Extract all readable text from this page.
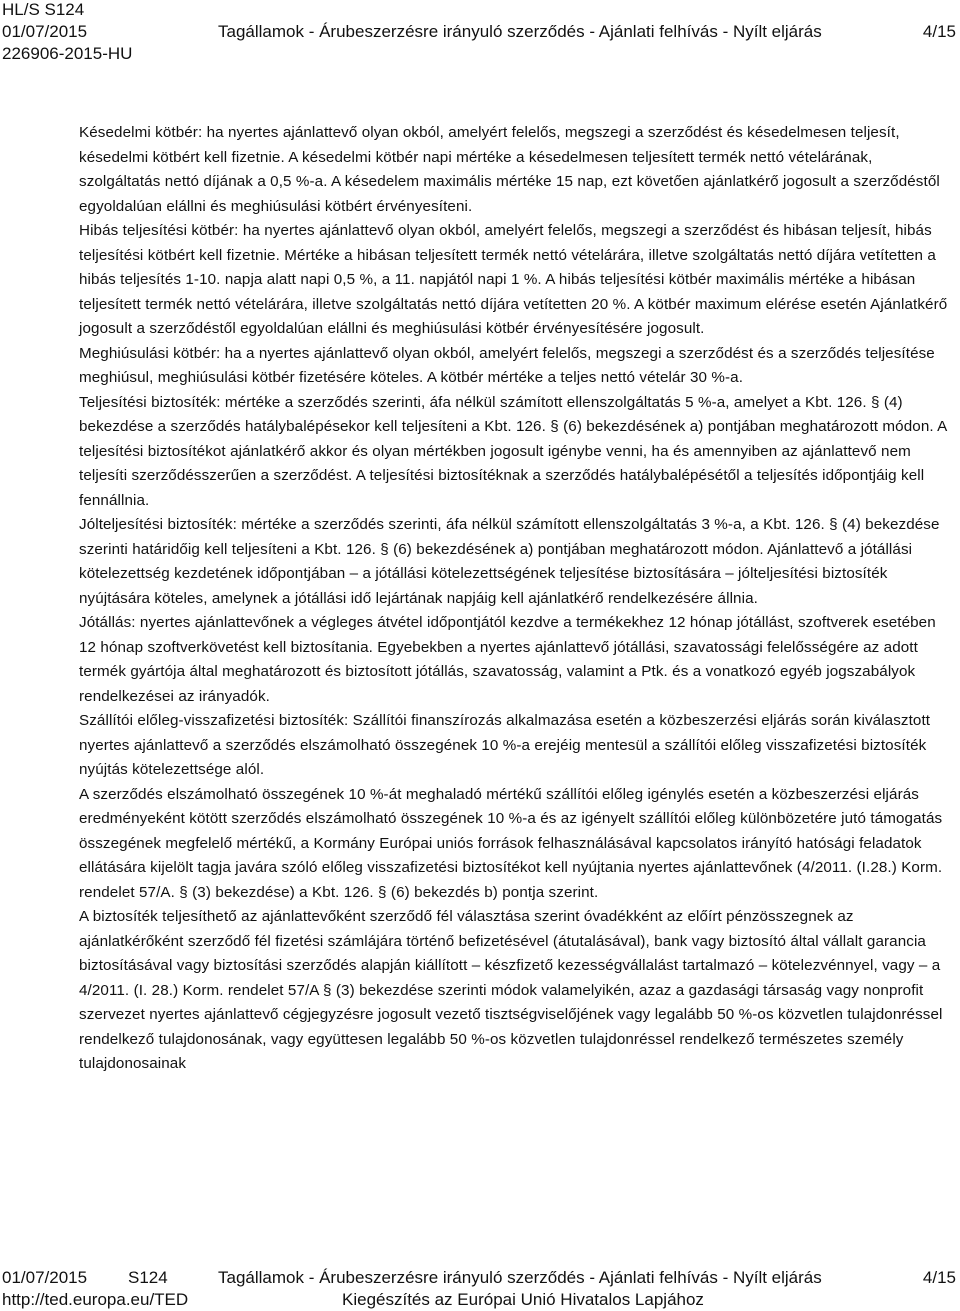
HL/S S124
01/07/2015
226906-2015-HU
Tagállamok - Árubeszerzésre irányuló szerződés - Ajánlati felhívás - Nyílt eljárás	4/15

Késedelmi kötbér: ha nyertes ajánlattevő olyan okból, amelyért felelős, megszegi a szerződést és késedelmesen teljesít, késedelmi kötbért kell fizetnie. A késedelmi kötbér napi mértéke a késedelmesen teljesített termék nettó vételárának, szolgáltatás nettó díjának a 0,5 %-a. A késedelem maximális mértéke 15 nap, ezt követően ajánlatkérő jogosult a szerződéstől egyoldalúan elállni és meghiúsulási kötbért érvényesíteni.

Hibás teljesítési kötbér: ha nyertes ajánlattevő olyan okból, amelyért felelős, megszegi a szerződést és hibásan teljesít, hibás teljesítési kötbért kell fizetnie. Mértéke a hibásan teljesített termék nettó vételárára, illetve szolgáltatás nettó díjára vetítetten a hibás teljesítés 1-10. napja alatt napi 0,5 %, a 11. napjától napi 1 %. A hibás teljesítési kötbér maximális mértéke a hibásan teljesített termék nettó vételárára, illetve szolgáltatás nettó díjára vetítetten 20 %. A kötbér maximum elérése esetén Ajánlatkérő jogosult a szerződéstől egyoldalúan elállni és meghiúsulási kötbér érvényesítésére jogosult.

Meghiúsulási kötbér: ha a nyertes ajánlattevő olyan okból, amelyért felelős, megszegi a szerződést és a szerződés teljesítése meghiúsul, meghiúsulási kötbér fizetésére köteles. A kötbér mértéke a teljes nettó vételár 30 %-a.

Teljesítési biztosíték: mértéke a szerződés szerinti, áfa nélkül számított ellenszolgáltatás 5 %-a, amelyet a Kbt. 126. § (4) bekezdése a szerződés hatálybalépésekor kell teljesíteni a Kbt. 126. § (6) bekezdésének a) pontjában meghatározott módon. A teljesítési biztosítékot ajánlatkérő akkor és olyan mértékben jogosult igénybe venni, ha és amennyiben az ajánlattevő nem teljesíti szerződésszerűen a szerződést. A teljesítési biztosítéknak a szerződés hatálybalépésétől a teljesítés időpontjáig kell fennállnia.

Jólteljesítési biztosíték: mértéke a szerződés szerinti, áfa nélkül számított ellenszolgáltatás 3 %-a, a Kbt. 126. § (4) bekezdése szerinti határidőig kell teljesíteni a Kbt. 126. § (6) bekezdésének a) pontjában meghatározott módon. Ajánlattevő a jótállási kötelezettség kezdetének időpontjában – a jótállási kötelezettségének teljesítése biztosítására – jólteljesítési biztosíték nyújtására köteles, amelynek a jótállási idő lejártának napjáig kell ajánlatkérő rendelkezésére állnia.

Jótállás: nyertes ajánlattevőnek a végleges átvétel időpontjától kezdve a termékekhez 12 hónap jótállást, szoftverek esetében 12 hónap szoftverkövetést kell biztosítania. Egyebekben a nyertes ajánlattevő jótállási, szavatossági felelősségére az adott termék gyártója által meghatározott és biztosított jótállás, szavatosság, valamint a Ptk. és a vonatkozó egyéb jogszabályok rendelkezései az irányadók.

Szállítói előleg-visszafizetési biztosíték: Szállítói finanszírozás alkalmazása esetén a közbeszerzési eljárás során kiválasztott nyertes ajánlattevő a szerződés elszámolható összegének 10 %-a erejéig mentesül a szállítói előleg visszafizetési biztosíték nyújtás kötelezettsége alól.

A szerződés elszámolható összegének 10 %-át meghaladó mértékű szállítói előleg igénylés esetén a közbeszerzési eljárás eredményeként kötött szerződés elszámolható összegének 10 %-a és az igényelt szállítói előleg különbözetére jutó támogatás összegének megfelelő mértékű, a Kormány Európai uniós források felhasználásával kapcsolatos irányító hatósági feladatok ellátására kijelölt tagja javára szóló előleg visszafizetési biztosítékot kell nyújtania nyertes ajánlattevőnek (4/2011. (I.28.) Korm. rendelet 57/A. § (3) bekezdése) a Kbt. 126. § (6) bekezdés b) pontja szerint.

A biztosíték teljesíthető az ajánlattevőként szerződő fél választása szerint óvadékként az előírt pénzösszegnek az ajánlatkérőként szerződő fél fizetési számlájára történő befizetésével (átutalásával), bank vagy biztosító által vállalt garancia biztosításával vagy biztosítási szerződés alapján kiállított – készfizető kezességvállalást tartalmazó – kötelezvénnyel, vagy – a 4/2011. (I. 28.) Korm. rendelet 57/A § (3) bekezdése szerinti módok valamelyikén, azaz a gazdasági társaság vagy nonprofit szervezet nyertes ajánlattevő cégjegyzésre jogosult vezető tisztségviselőjének vagy legalább 50 %-os közvetlen tulajdonréssel rendelkező tulajdonosának, vagy együttesen legalább 50 %-os közvetlen tulajdonréssel rendelkező természetes személy tulajdonosainak

01/07/2015 S124	Tagállamok - Árubeszerzésre irányuló szerződés - Ajánlati felhívás - Nyílt eljárás	4/15
http://ted.europa.eu/TED	Kiegészítés az Európai Unió Hivatalos Lapjához
